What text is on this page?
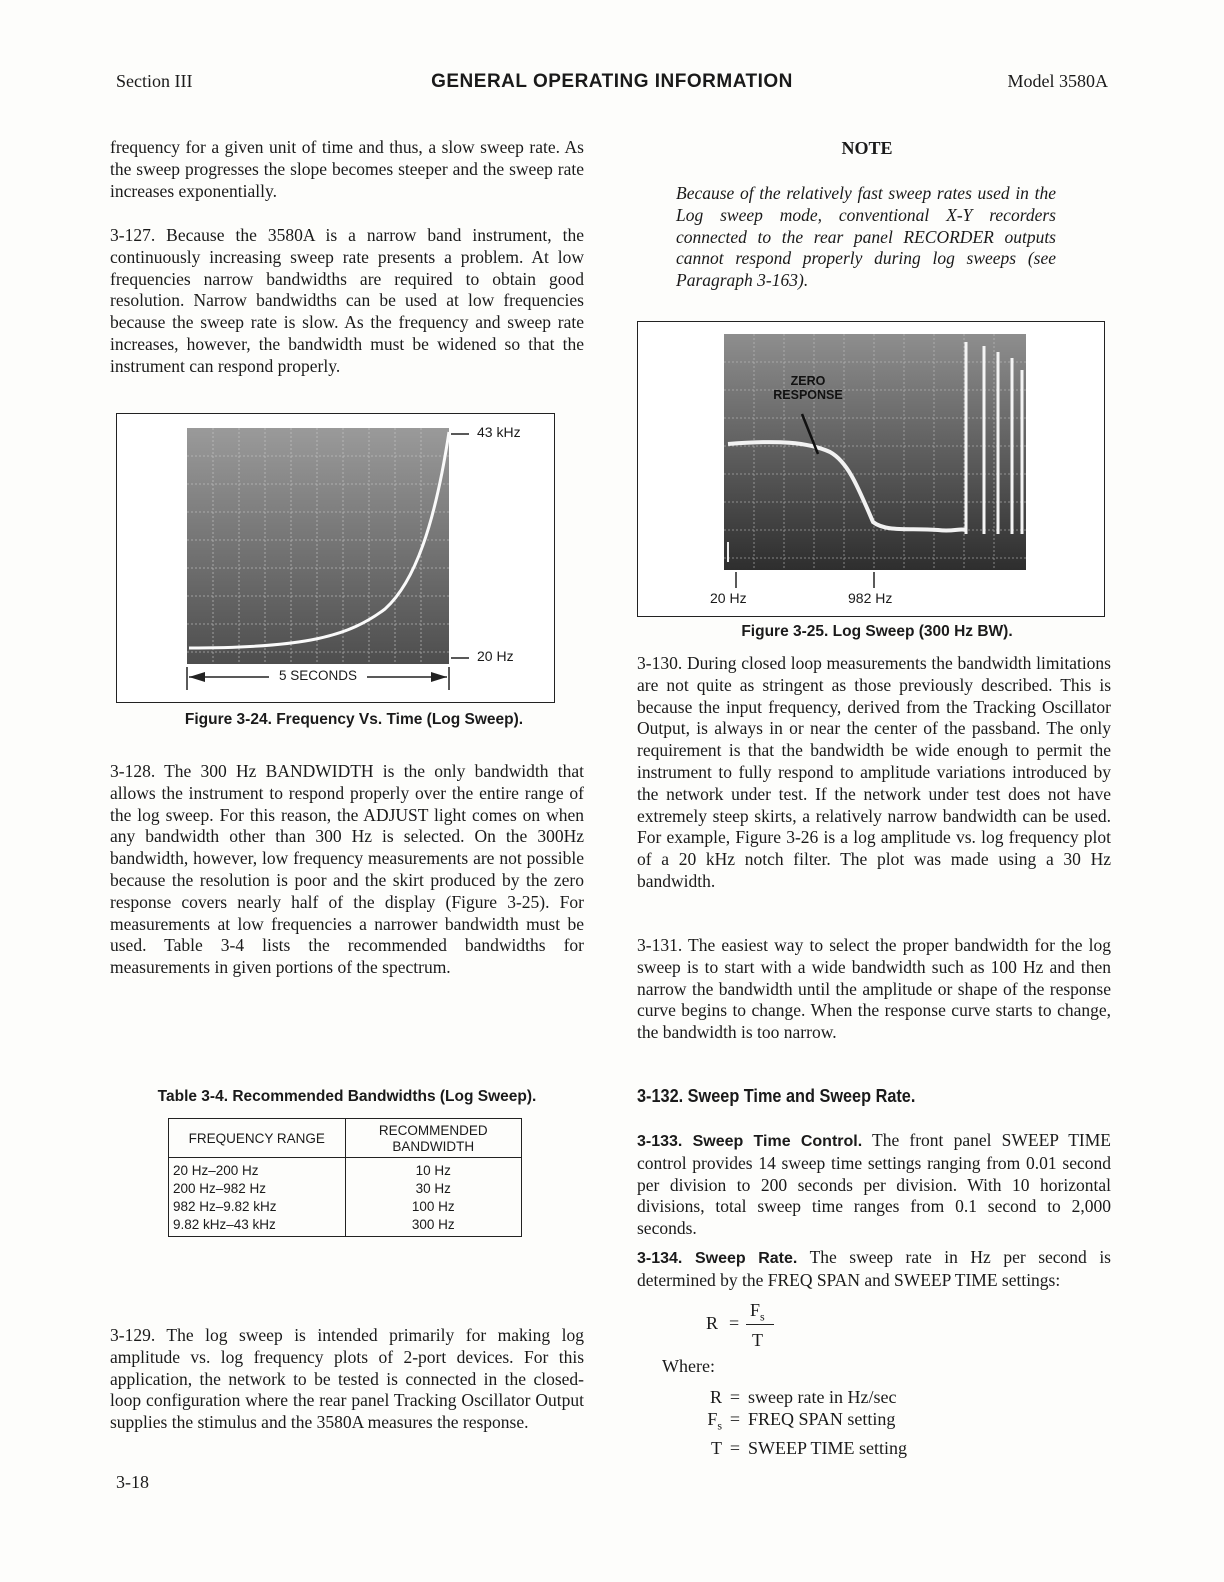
Section III	GENERAL OPERATING INFORMATION	Model 3580A

frequency for a given unit of time and thus, a slow sweep rate. As the sweep progresses the slope becomes steeper and the sweep rate increases exponentially.

3-127. Because the 3580A is a narrow band instrument, the continuously increasing sweep rate presents a problem. At low frequencies narrow bandwidths are required to obtain good resolution. Narrow bandwidths can be used at low frequencies because the sweep rate is slow. As the frequency and sweep rate increases, however, the bandwidth must be widened so that the instrument can respond properly.

43 kHz
20 Hz
5 SECONDS
Figure 3-24. Frequency Vs. Time (Log Sweep).

3-128. The 300 Hz BANDWIDTH is the only bandwidth that allows the instrument to respond properly over the entire range of the log sweep. For this reason, the ADJUST light comes on when any bandwidth other than 300 Hz is selected. On the 300Hz bandwidth, however, low frequency measurements are not possible because the resolution is poor and the skirt produced by the zero response covers nearly half of the display (Figure 3-25). For measurements at low frequencies a narrower bandwidth must be used. Table 3-4 lists the recommended bandwidths for measurements in given portions of the spectrum.

Table 3-4. Recommended Bandwidths (Log Sweep).
FREQUENCY RANGE	RECOMMENDED BANDWIDTH
20 Hz–200 Hz	10 Hz
200 Hz–982 Hz	30 Hz
982 Hz–9.82 kHz	100 Hz
9.82 kHz–43 kHz	300 Hz

3-129. The log sweep is intended primarily for making log amplitude vs. log frequency plots of 2-port devices. For this application, the network to be tested is connected in the closed-loop configuration where the rear panel Tracking Oscillator Output supplies the stimulus and the 3580A measures the response.

3-18
NOTE
Because of the relatively fast sweep rates used in the Log sweep mode, conventional X-Y recorders connected to the rear panel RECORDER outputs cannot respond properly during log sweeps (see Paragraph 3-163).
ZERO RESPONSE
20 Hz	982 Hz
Figure 3-25. Log Sweep (300 Hz BW).

3-130. During closed loop measurements the bandwidth limitations are not quite as stringent as those previously described. This is because the input frequency, derived from the Tracking Oscillator Output, is always in or near the center of the passband. The only requirement is that the bandwidth be wide enough to permit the instrument to fully respond to amplitude variations introduced by the network under test. If the network under test does not have extremely steep skirts, a relatively narrow bandwidth can be used. For example, Figure 3-26 is a log amplitude vs. log frequency plot of a 20 kHz notch filter. The plot was made using a 30 Hz bandwidth.

3-131. The easiest way to select the proper bandwidth for the log sweep is to start with a wide bandwidth such as 100 Hz and then narrow the bandwidth until the amplitude or shape of the response curve begins to change. When the response curve starts to change, the bandwidth is too narrow.

3-132. Sweep Time and Sweep Rate.

3-133. Sweep Time Control. The front panel SWEEP TIME control provides 14 sweep time settings ranging from 0.01 second per division to 200 seconds per division. With 10 horizontal divisions, total sweep time ranges from 0.1 second to 2,000 seconds.

3-134. Sweep Rate. The sweep rate in Hz per second is determined by the FREQ SPAN and SWEEP TIME settings:

R =
$F_s$
T
Where:
R = sweep rate in Hz/sec
$F_s$ = FREQ SPAN setting
T = SWEEP TIME setting
